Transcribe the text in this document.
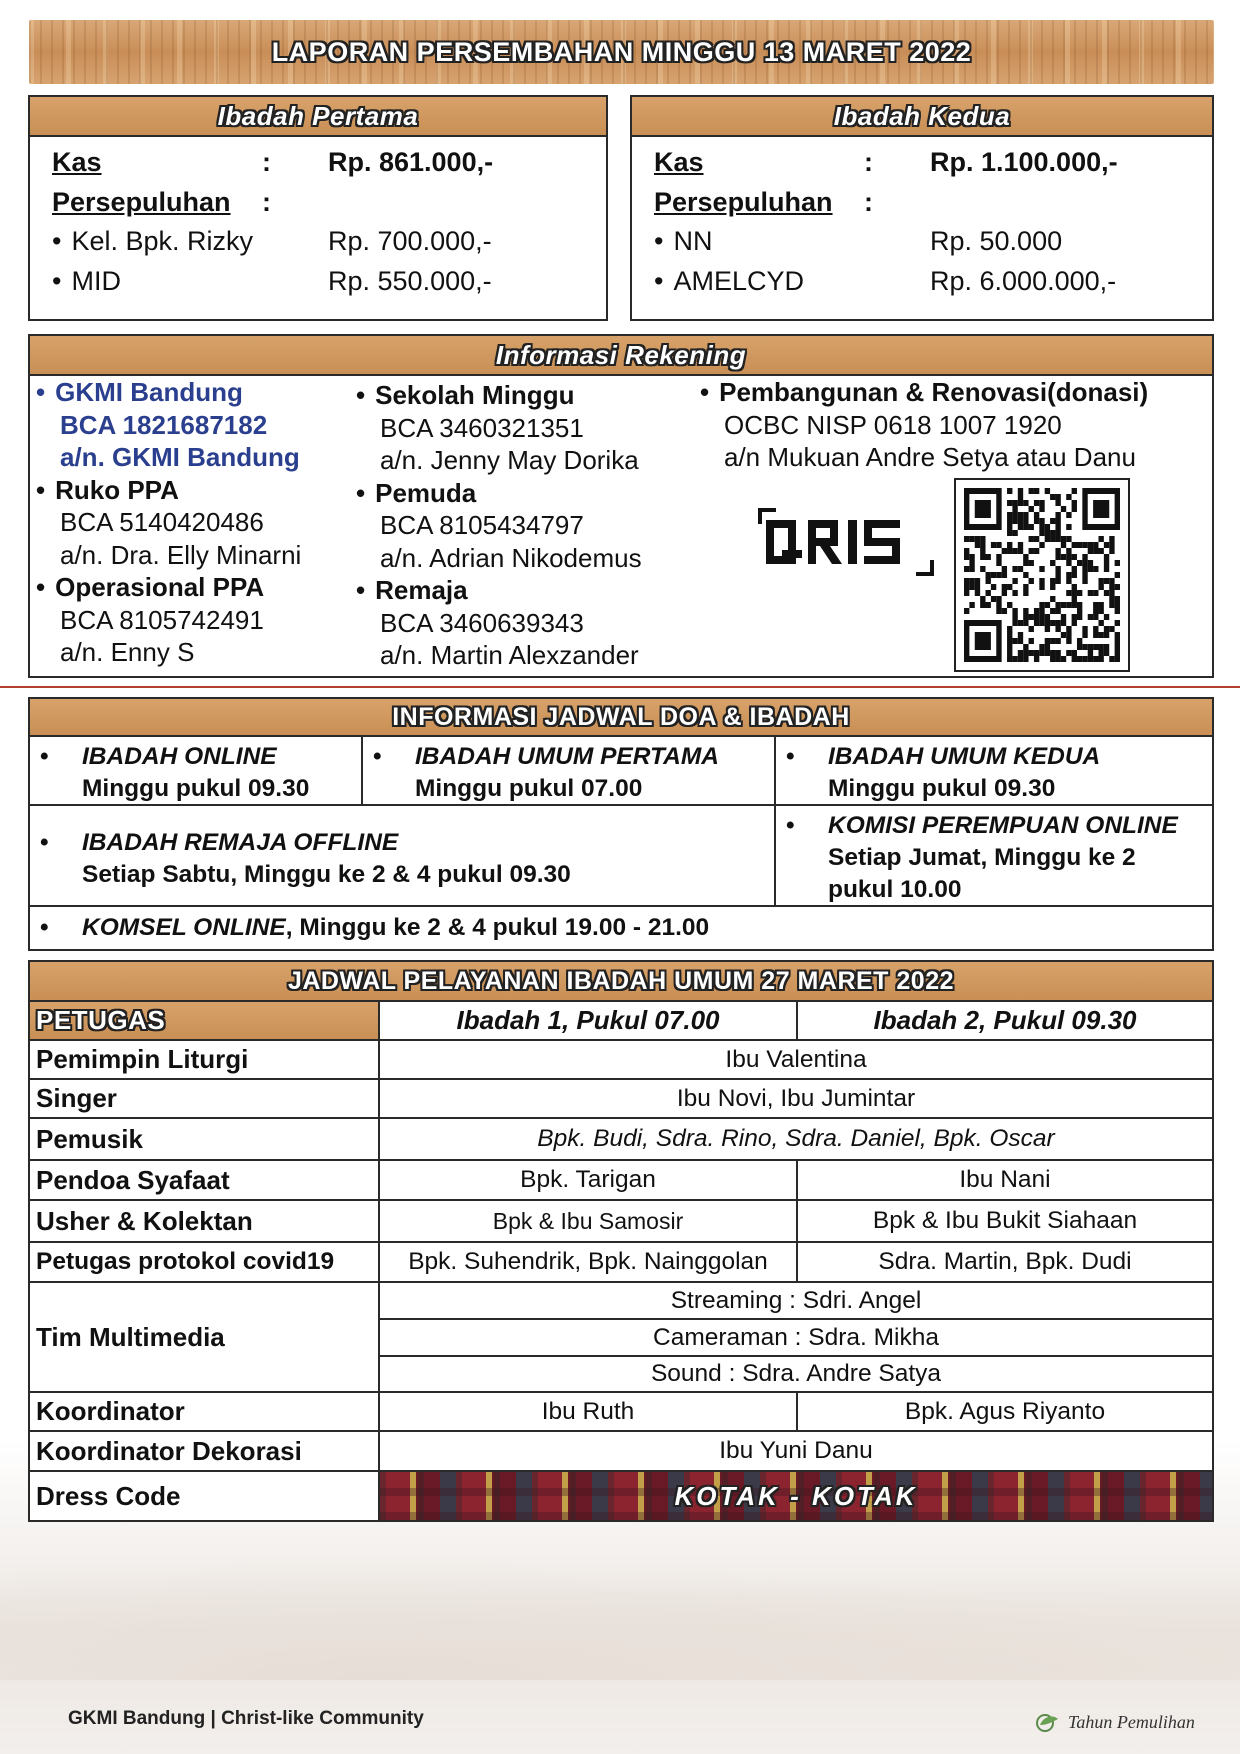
LAPORAN PERSEMBAHAN MINGGU 13 MARET 2022
Ibadah Pertama
Kas	:	Rp. 861.000,-
Persepuluhan	:
• Kel. Bpk. Rizky	Rp. 700.000,-
• MID	Rp. 550.000,-
Ibadah Kedua
Kas	:	Rp. 1.100.000,-
Persepuluhan	:
• NN	Rp. 50.000
• AMELCYD	Rp. 6.000.000,-
Informasi Rekening
• GKMI Bandung
BCA 1821687182
a/n. GKMI Bandung
• Ruko PPA
BCA 5140420486
a/n. Dra. Elly Minarni
• Operasional PPA
BCA 8105742491
a/n. Enny S
• Sekolah Minggu
BCA 3460321351
a/n. Jenny May Dorika
• Pemuda
BCA 8105434797
a/n. Adrian Nikodemus
• Remaja
BCA 3460639343
a/n. Martin Alexzander
• Pembangunan & Renovasi(donasi)
OCBC NISP 0618 1007 1920
a/n Mukuan Andre Setya atau Danu
INFORMASI JADWAL DOA & IBADAH
• IBADAH ONLINE
Minggu pukul 09.30
• IBADAH UMUM PERTAMA
Minggu pukul 07.00
• IBADAH UMUM KEDUA
Minggu pukul 09.30
• IBADAH REMAJA OFFLINE
Setiap Sabtu, Minggu ke 2 & 4 pukul 09.30
• KOMISI PEREMPUAN ONLINE
Setiap Jumat, Minggu ke 2
pukul 10.00
•	KOMSEL ONLINE, Minggu ke 2 & 4 pukul 19.00 - 21.00
JADWAL PELAYANAN IBADAH UMUM 27 MARET 2022
PETUGAS	Ibadah 1, Pukul 07.00	Ibadah 2, Pukul 09.30
Pemimpin Liturgi	Ibu Valentina
Singer	Ibu Novi, Ibu Jumintar
Pemusik	Bpk. Budi, Sdra. Rino, Sdra. Daniel, Bpk. Oscar
Pendoa Syafaat	Bpk. Tarigan	Ibu Nani
Usher & Kolektan	Bpk & Ibu Samosir	Bpk & Ibu Bukit Siahaan
Petugas protokol covid19	Bpk. Suhendrik, Bpk. Nainggolan	Sdra. Martin, Bpk. Dudi
Tim Multimedia
Streaming : Sdri. Angel
Cameraman : Sdra. Mikha
Sound : Sdra. Andre Satya
Koordinator	Ibu Ruth	Bpk. Agus Riyanto
Koordinator Dekorasi	Ibu Yuni Danu
Dress Code	KOTAK - KOTAK
GKMI Bandung | Christ-like Community	Tahun Pemulihan
